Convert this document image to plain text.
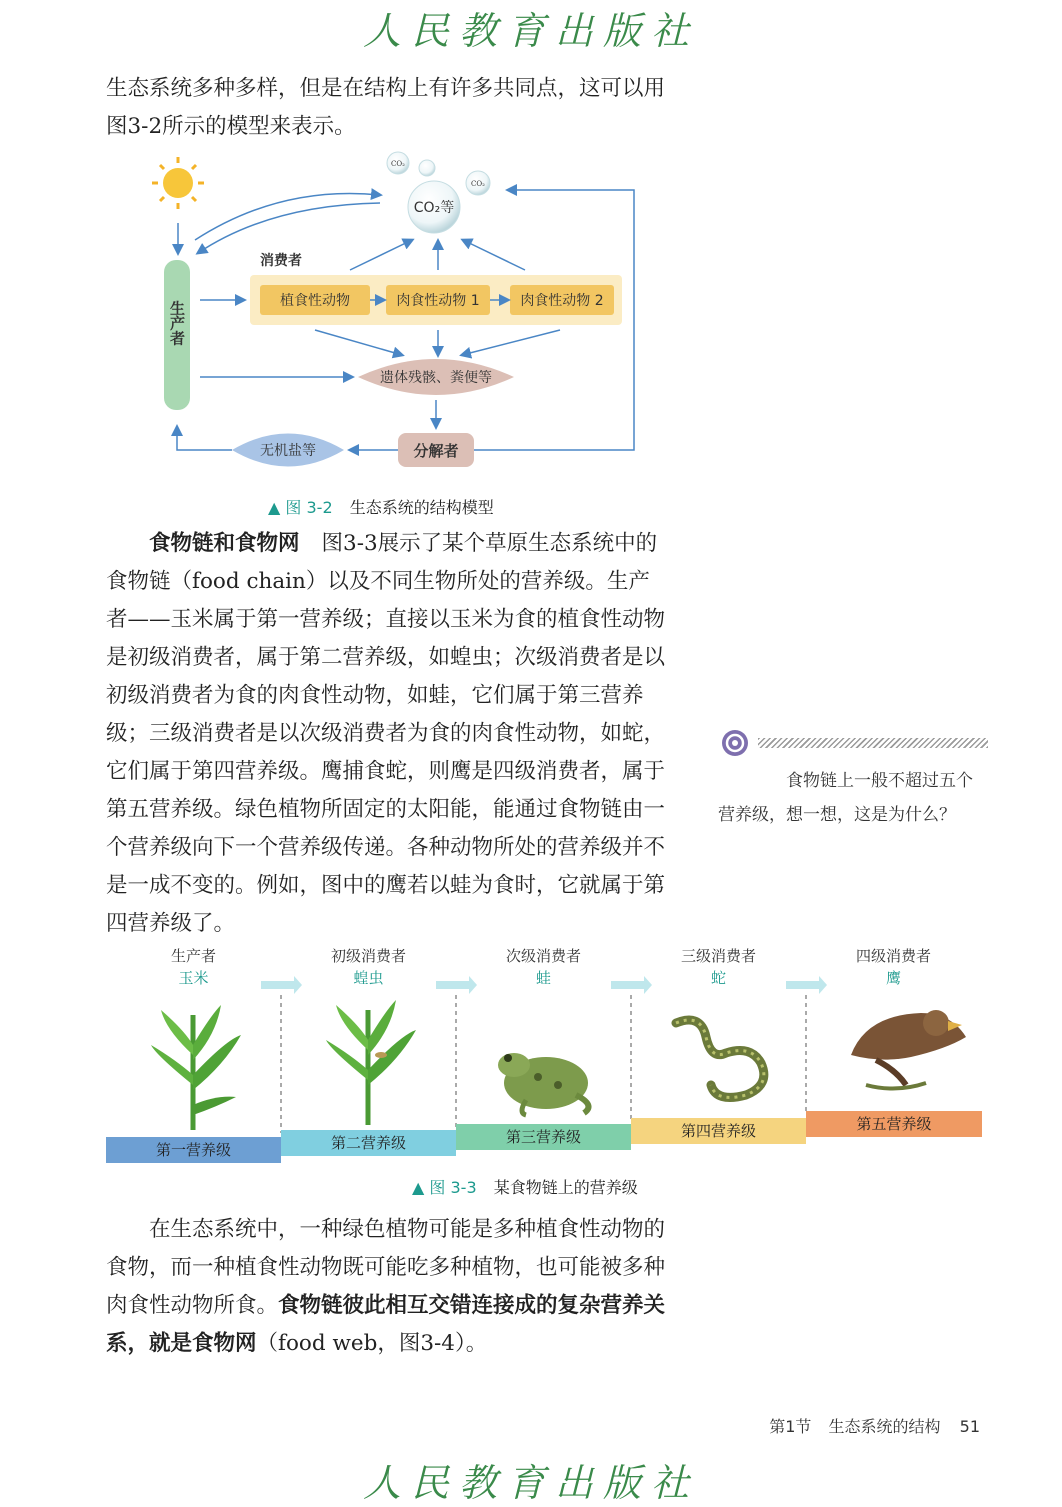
人民教育出版社

生态系统多种多样，但是在结构上有许多共同点，这可以用图3-2所示的模型来表示。

CO₂
CO₂
CO₂等
生产者
消费者
植食性动物	肉食性动物 1	肉食性动物 2
遗体残骸、粪便等
分解者
无机盐等
▲ 图 3-2 生态系统的结构模型

食物链和食物网 图3-3展示了某个草原生态系统中的食物链（food chain）以及不同生物所处的营养级。生产者——玉米属于第一营养级；直接以玉米为食的植食性动物是初级消费者，属于第二营养级，如蝗虫；次级消费者是以初级消费者为食的肉食性动物，如蛙，它们属于第三营养级；三级消费者是以次级消费者为食的肉食性动物，如蛇，它们属于第四营养级。鹰捕食蛇，则鹰是四级消费者，属于第五营养级。绿色植物所固定的太阳能，能通过食物链由一个营养级向下一个营养级传递。各种动物所处的营养级并不是一成不变的。例如，图中的鹰若以蛙为食时，它就属于第四营养级了。

食物链上一般不超过五个营养级，想一想，这是为什么？

生产者
玉米
初级消费者
蝗虫
次级消费者
蛙
三级消费者
蛇
四级消费者
鹰
第一营养级	第二营养级	第三营养级	第四营养级	第五营养级
▲ 图 3-3 某食物链上的营养级

在生态系统中，一种绿色植物可能是多种植食性动物的食物，而一种植食性动物既可能吃多种植物，也可能被多种肉食性动物所食。食物链彼此相互交错连接成的复杂营养关系，就是食物网（food web，图3-4）。

第1节 生态系统的结构 51
人民教育出版社
